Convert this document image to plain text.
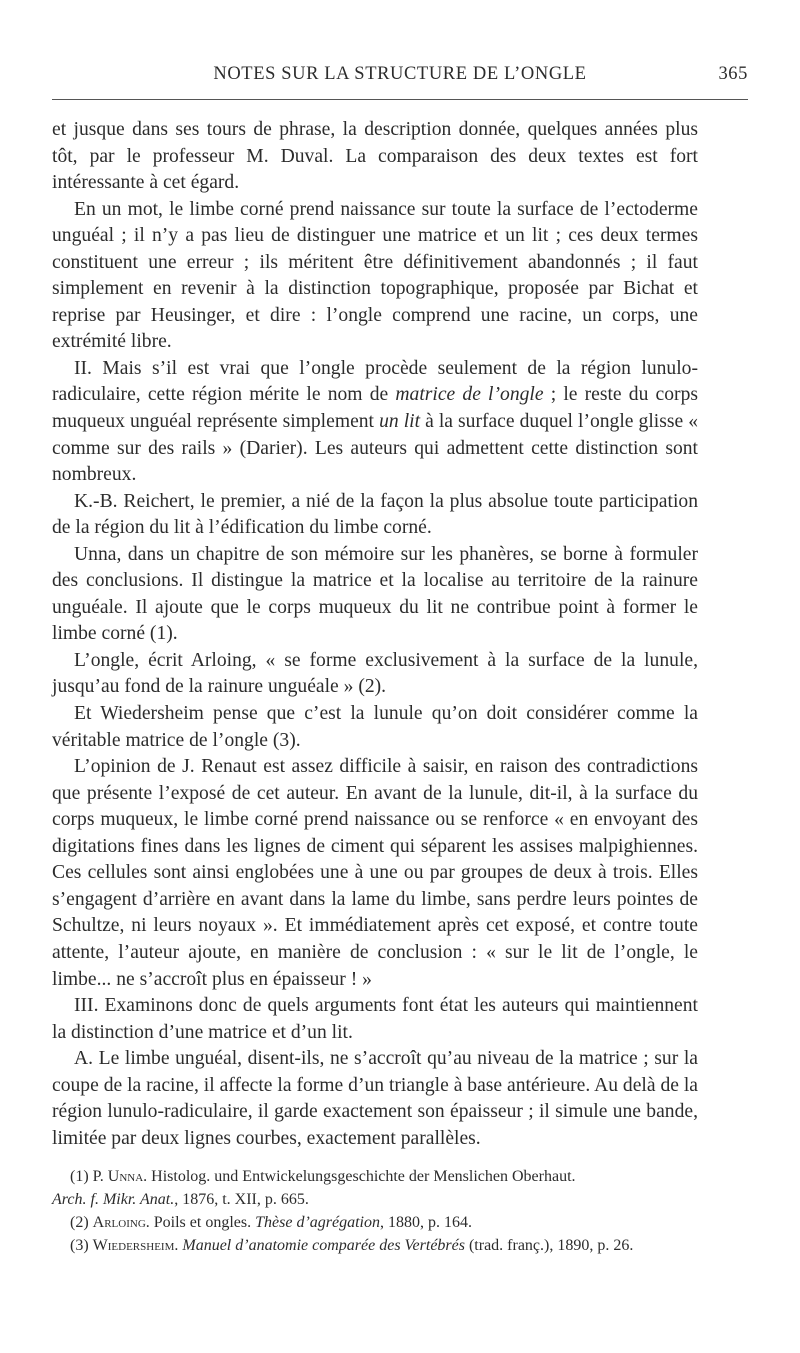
NOTES SUR LA STRUCTURE DE L’ONGLE	365

et jusque dans ses tours de phrase, la description donnée, quelques années plus tôt, par le professeur M. Duval. La comparaison des deux textes est fort intéressante à cet égard.

En un mot, le limbe corné prend naissance sur toute la surface de l’ectoderme unguéal ; il n’y a pas lieu de distinguer une matrice et un lit ; ces deux termes constituent une erreur ; ils méritent être définitivement abandonnés ; il faut simplement en revenir à la distinction topographique, proposée par Bichat et reprise par Heusinger, et dire : l’ongle comprend une racine, un corps, une extrémité libre.

II. Mais s’il est vrai que l’ongle procède seulement de la région lunulo-radiculaire, cette région mérite le nom de matrice de l’ongle ; le reste du corps muqueux unguéal représente simplement un lit à la surface duquel l’ongle glisse « comme sur des rails » (Darier). Les auteurs qui admettent cette distinction sont nombreux.

K.-B. Reichert, le premier, a nié de la façon la plus absolue toute participation de la région du lit à l’édification du limbe corné.

Unna, dans un chapitre de son mémoire sur les phanères, se borne à formuler des conclusions. Il distingue la matrice et la localise au territoire de la rainure unguéale. Il ajoute que le corps muqueux du lit ne contribue point à former le limbe corné (1).

L’ongle, écrit Arloing, « se forme exclusivement à la surface de la lunule, jusqu’au fond de la rainure unguéale » (2).

Et Wiedersheim pense que c’est la lunule qu’on doit considérer comme la véritable matrice de l’ongle (3).

L’opinion de J. Renaut est assez difficile à saisir, en raison des contradictions que présente l’exposé de cet auteur. En avant de la lunule, dit-il, à la surface du corps muqueux, le limbe corné prend naissance ou se renforce « en envoyant des digitations fines dans les lignes de ciment qui séparent les assises malpighiennes. Ces cellules sont ainsi englobées une à une ou par groupes de deux à trois. Elles s’engagent d’arrière en avant dans la lame du limbe, sans perdre leurs pointes de Schultze, ni leurs noyaux ». Et immédiatement après cet exposé, et contre toute attente, l’auteur ajoute, en manière de conclusion : « sur le lit de l’ongle, le limbe... ne s’accroît plus en épaisseur ! »

III. Examinons donc de quels arguments font état les auteurs qui maintiennent la distinction d’une matrice et d’un lit.

A. Le limbe unguéal, disent-ils, ne s’accroît qu’au niveau de la matrice ; sur la coupe de la racine, il affecte la forme d’un triangle à base antérieure. Au delà de la région lunulo-radiculaire, il garde exactement son épaisseur ; il simule une bande, limitée par deux lignes courbes, exactement parallèles.

(1) P. Unna. Histolog. und Entwickelungsgeschichte der Menslichen Oberhaut.

Arch. f. Mikr. Anat., 1876, t. XII, p. 665.

(2) Arloing. Poils et ongles. Thèse d’agrégation, 1880, p. 164.

(3) Wiedersheim. Manuel d’anatomie comparée des Vertébrés (trad. franç.), 1890, p. 26.
